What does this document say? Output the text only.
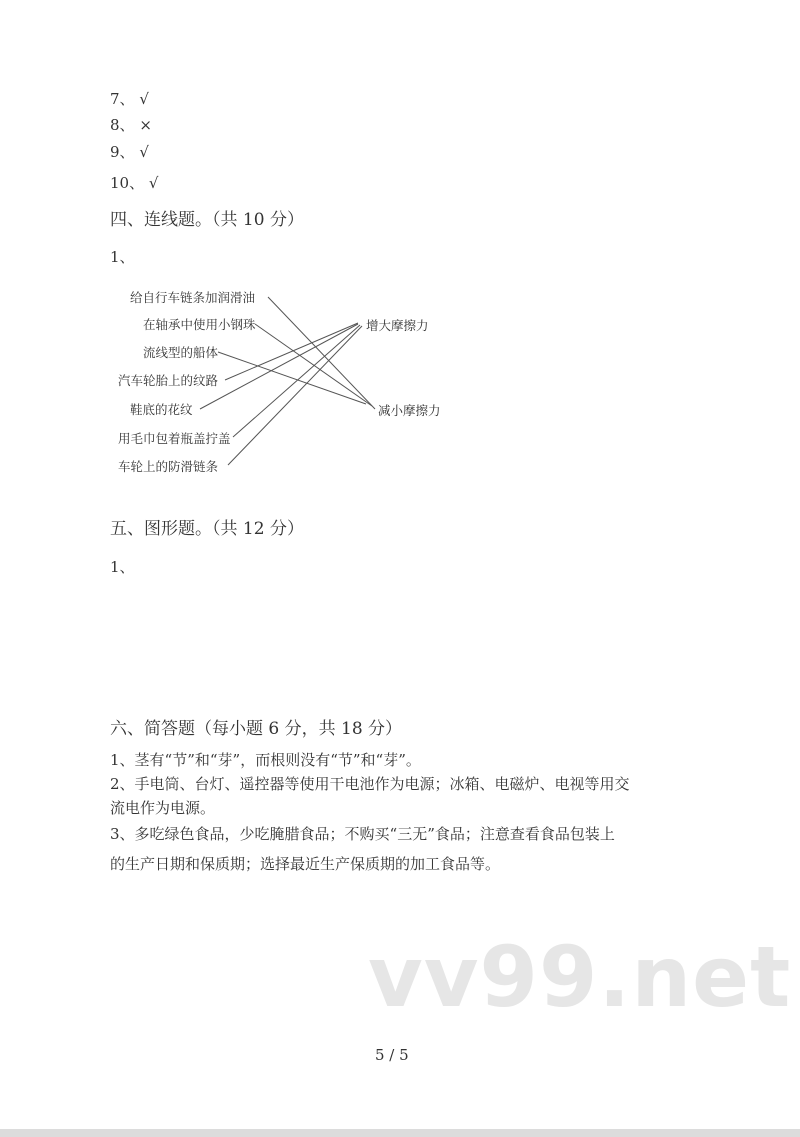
7、 √
8、 ×
9、 √
10、 √
四、连线题。（共 10 分）
1、
给自行车链条加润滑油
在轴承中使用小钢珠
流线型的船体
汽车轮胎上的纹路
鞋底的花纹
用毛巾包着瓶盖拧盖
车轮上的防滑链条
增大摩擦力
减小摩擦力
五、图形题。（共 12 分）
1、
六、简答题（每小题 6 分，共 18 分）
1、茎有“节”和“芽”，而根则没有“节”和“芽”。
2、手电筒、台灯、遥控器等使用干电池作为电源；冰箱、电磁炉、电视等用交
流电作为电源。
3、多吃绿色食品，少吃腌腊食品；不购买“三无”食品；注意查看食品包装上
的生产日期和保质期；选择最近生产保质期的加工食品等。
vv99.net
5 / 5
